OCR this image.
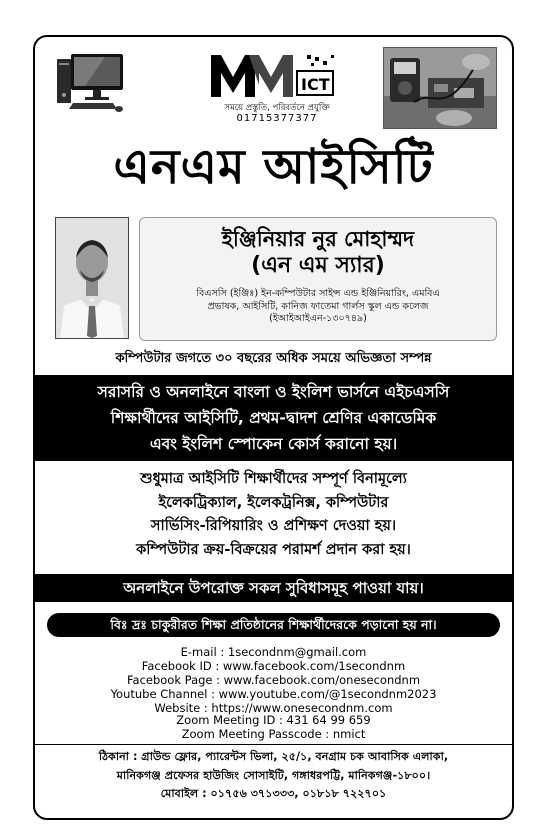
ICT
সময়ে প্রস্তুতি, পরিবর্তনে প্রযুক্তি
01715377377
এনএম আইসিটি
ইঞ্জিনিয়ার নুর মোহাম্মদ
(এন এম স্যার)
বিএসসি (ইঞ্জিঃ) ইন-কম্পিউটার সাইন্স এন্ড ইঞ্জিনিয়ারিং, এমবিএ
প্রভাষক, আইসিটি, কানিজ ফাতেমা গার্লস স্কুল এন্ড কলেজ
(ইআইআইএন-১৩০৭৪৯)
কম্পিউটার জগতে ৩০ বছরের অধিক সময়ে অভিজ্ঞতা সম্পন্ন
সরাসরি ও অনলাইনে বাংলা ও ইংলিশ ভার্সনে এইচএসসি
শিক্ষার্থীদের আইসিটি, প্রথম-দ্বাদশ শ্রেণির একাডেমিক
এবং ইংলিশ স্পোকেন কোর্স করানো হয়।
শুধুমাত্র আইসিটি শিক্ষার্থীদের সম্পূর্ণ বিনামূল্যে
ইলেকট্রিক্যাল, ইলেকট্রনিক্স, কম্পিউটার
সার্ভিসিং-রিপিয়ারিং ও প্রশিক্ষণ দেওয়া হয়।
কম্পিউটার ক্রয়-বিক্রয়ের পরামর্শ প্রদান করা হয়।
অনলাইনে উপরোক্ত সকল সুবিধাসমূহ পাওয়া যায়।
বিঃ দ্রঃ চাকুরীরত শিক্ষা প্রতিষ্ঠানের শিক্ষার্থীদেরকে পড়ানো হয় না।
E-mail : 1secondnm@gmail.com
Facebook ID : www.facebook.com/1secondnm
Facebook Page : www.facebook.com/onesecondnm
Youtube Channel : www.youtube.com/@1secondnm2023
Website : https://www.onesecondnm.com
Zoom Meeting ID : 431 64 99 659
Zoom Meeting Passcode : nmict
ঠিকানা : গ্রাউন্ড ফ্লোর, প্যারেন্টস ভিলা, ২৫/১, বনগ্রাম চক আবাসিক এলাকা,
মানিকগঞ্জ প্রফেসর হাউজিং সোসাইটি, গঙ্গাধরপট্টি, মানিকগঞ্জ-১৮০০।
মোবাইল : ০১৭৫৬ ৩৭১৩৩৩, ০১৮১৮ ৭২২৭০১
